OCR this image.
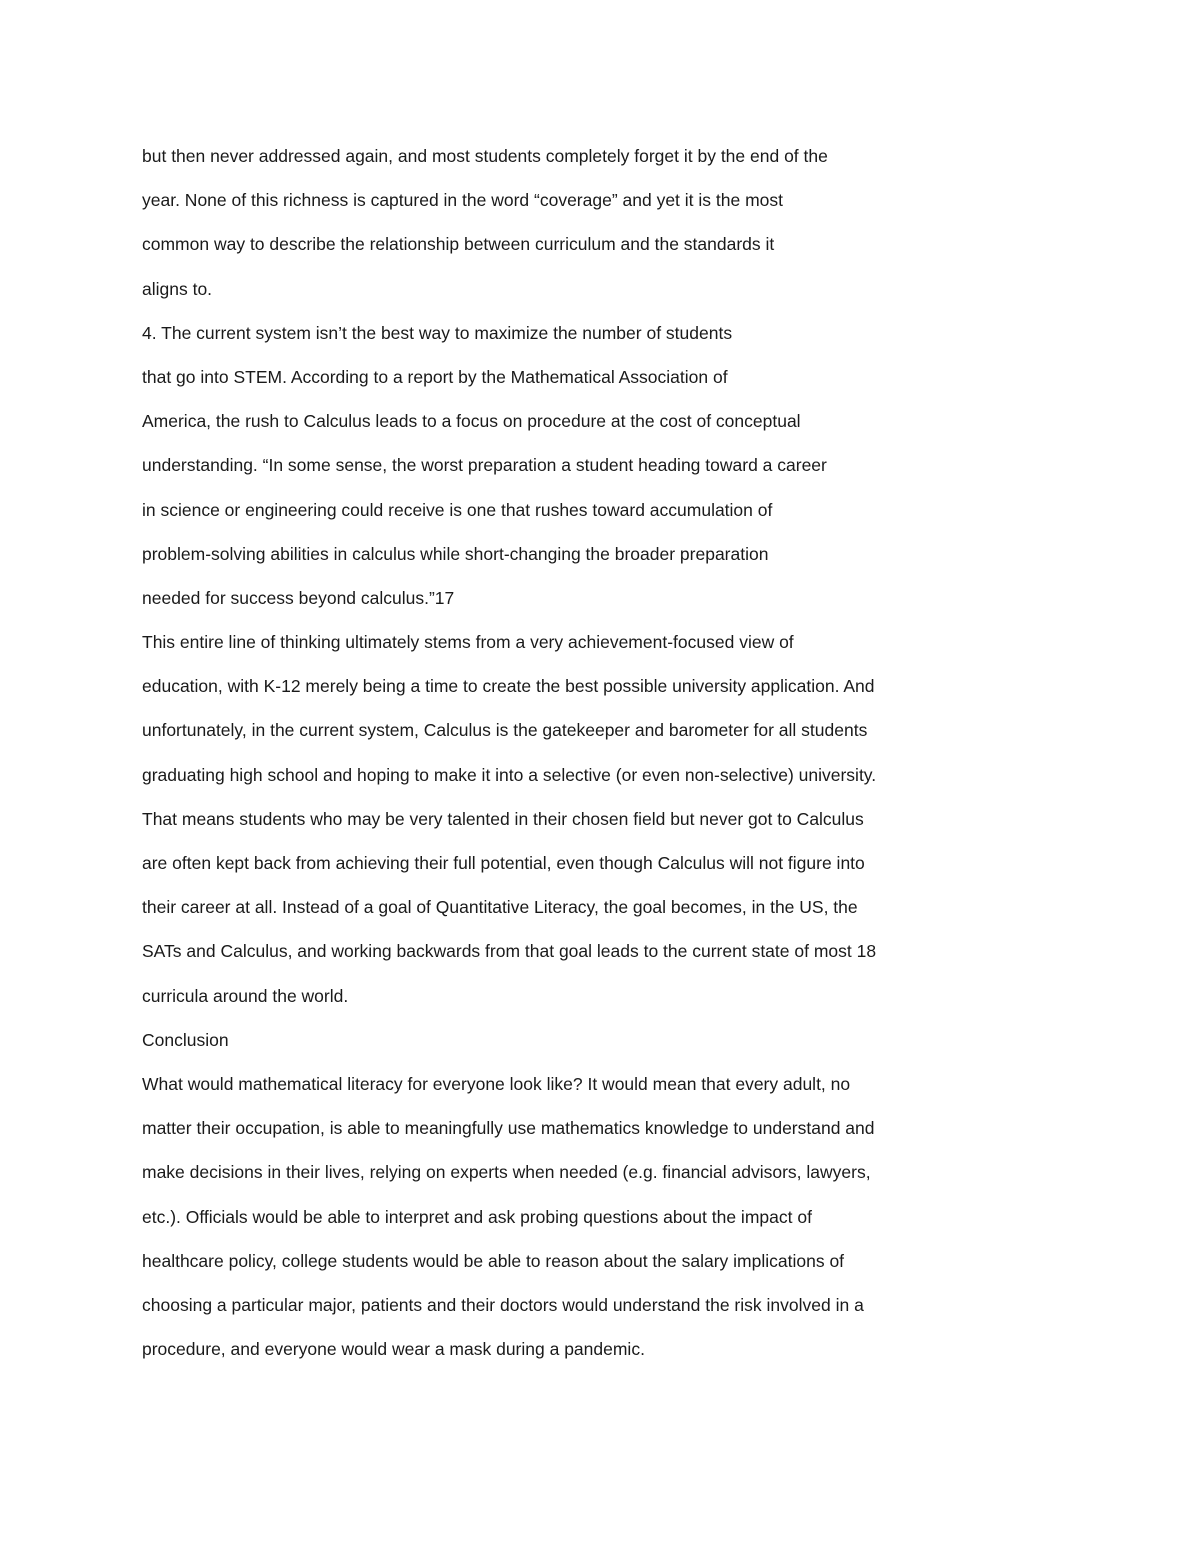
but then never addressed again, and most students completely forget it by the end of the
year. None of this richness is captured in the word “coverage” and yet it is the most
common way to describe the relationship between curriculum and the standards it
aligns to.
4. The current system isn’t the best way to maximize the number of students
that go into STEM. According to a report by the Mathematical Association of
America, the rush to Calculus leads to a focus on procedure at the cost of conceptual
understanding. “In some sense, the worst preparation a student heading toward a career
in science or engineering could receive is one that rushes toward accumulation of
problem-solving abilities in calculus while short-changing the broader preparation
needed for success beyond calculus.”17
This entire line of thinking ultimately stems from a very achievement-focused view of
education, with K-12 merely being a time to create the best possible university application. And
unfortunately, in the current system, Calculus is the gatekeeper and barometer for all students
graduating high school and hoping to make it into a selective (or even non-selective) university.
That means students who may be very talented in their chosen field but never got to Calculus
are often kept back from achieving their full potential, even though Calculus will not figure into
their career at all. Instead of a goal of Quantitative Literacy, the goal becomes, in the US, the
SATs and Calculus, and working backwards from that goal leads to the current state of most 18
curricula around the world.
Conclusion
What would mathematical literacy for everyone look like? It would mean that every adult, no
matter their occupation, is able to meaningfully use mathematics knowledge to understand and
make decisions in their lives, relying on experts when needed (e.g. financial advisors, lawyers,
etc.). Officials would be able to interpret and ask probing questions about the impact of
healthcare policy, college students would be able to reason about the salary implications of
choosing a particular major, patients and their doctors would understand the risk involved in a
procedure, and everyone would wear a mask during a pandemic.
